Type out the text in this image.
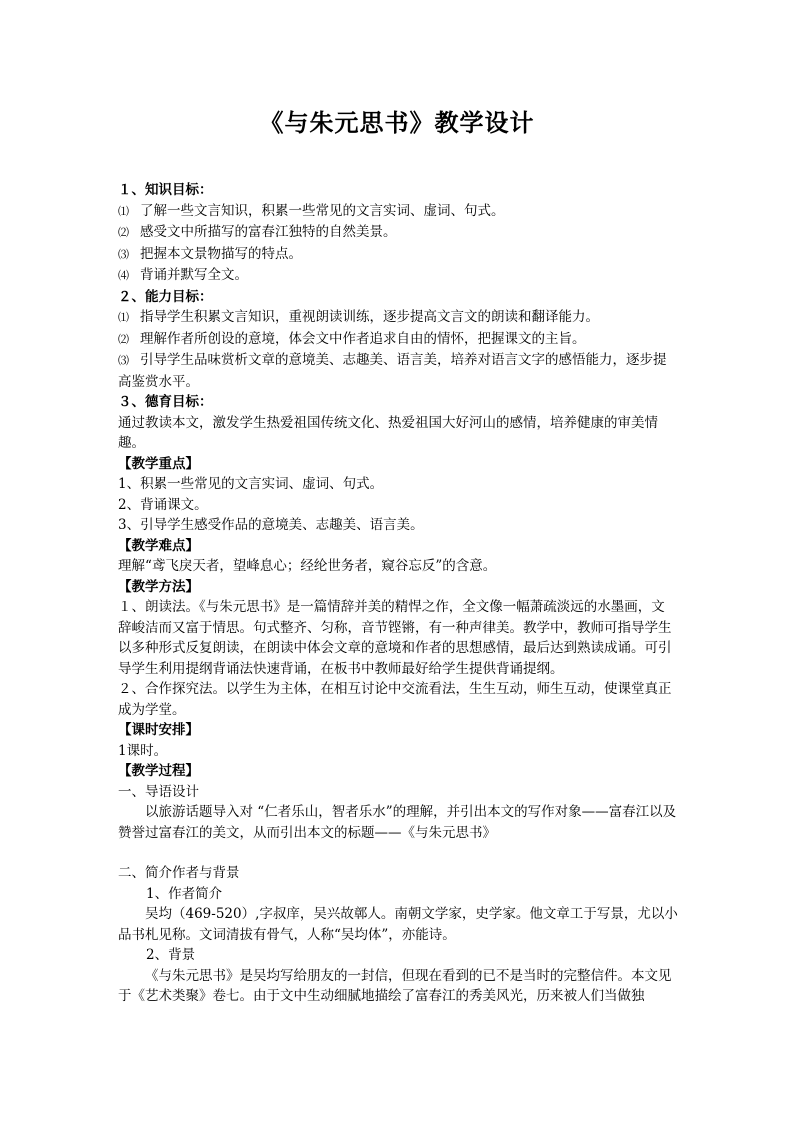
《与朱元思书》教学设计
１、知识目标：
⑴ 了解一些文言知识，积累一些常见的文言实词、虚词、句式。
⑵ 感受文中所描写的富春江独特的自然美景。
⑶ 把握本文景物描写的特点。
⑷ 背诵并默写全文。
２、能力目标：
⑴ 指导学生积累文言知识，重视朗读训练，逐步提高文言文的朗读和翻译能力。
⑵ 理解作者所创设的意境，体会文中作者追求自由的情怀，把握课文的主旨。
⑶ 引导学生品味赏析文章的意境美、志趣美、语言美，培养对语言文字的感悟能力，逐步提高鉴赏水平。
３、德育目标：
通过教读本文，激发学生热爱祖国传统文化、热爱祖国大好河山的感情，培养健康的审美情趣。
【教学重点】
1、积累一些常见的文言实词、虚词、句式。
2、背诵课文。
3、引导学生感受作品的意境美、志趣美、语言美。
【教学难点】
理解“鸢飞戾天者，望峰息心；经纶世务者，窥谷忘反”的含意。
【教学方法】
１、朗读法。《与朱元思书》是一篇情辞并美的精悍之作，全文像一幅萧疏淡远的水墨画，文辞峻洁而又富于情思。句式整齐、匀称，音节铿锵，有一种声律美。教学中，教师可指导学生以多种形式反复朗读，在朗读中体会文章的意境和作者的思想感情，最后达到熟读成诵。可引导学生利用提纲背诵法快速背诵，在板书中教师最好给学生提供背诵提纲。
２、合作探究法。以学生为主体，在相互讨论中交流看法，生生互动，师生互动，使课堂真正成为学堂。
【课时安排】
1课时。
【教学过程】
一、导语设计
以旅游话题导入对 “仁者乐山，智者乐水”的理解，并引出本文的写作对象——富春江以及赞誉过富春江的美文，从而引出本文的标题——《与朱元思书》
二、简介作者与背景
1、作者简介
吴均（469-520）,字叔庠，吴兴故鄣人。南朝文学家，史学家。他文章工于写景，尤以小品书札见称。文词清拔有骨气，人称“吴均体”，亦能诗。
2、背景
《与朱元思书》是吴均写给朋友的一封信，但现在看到的已不是当时的完整信件。本文见于《艺术类聚》卷七。由于文中生动细腻地描绘了富春江的秀美风光，历来被人们当做独
